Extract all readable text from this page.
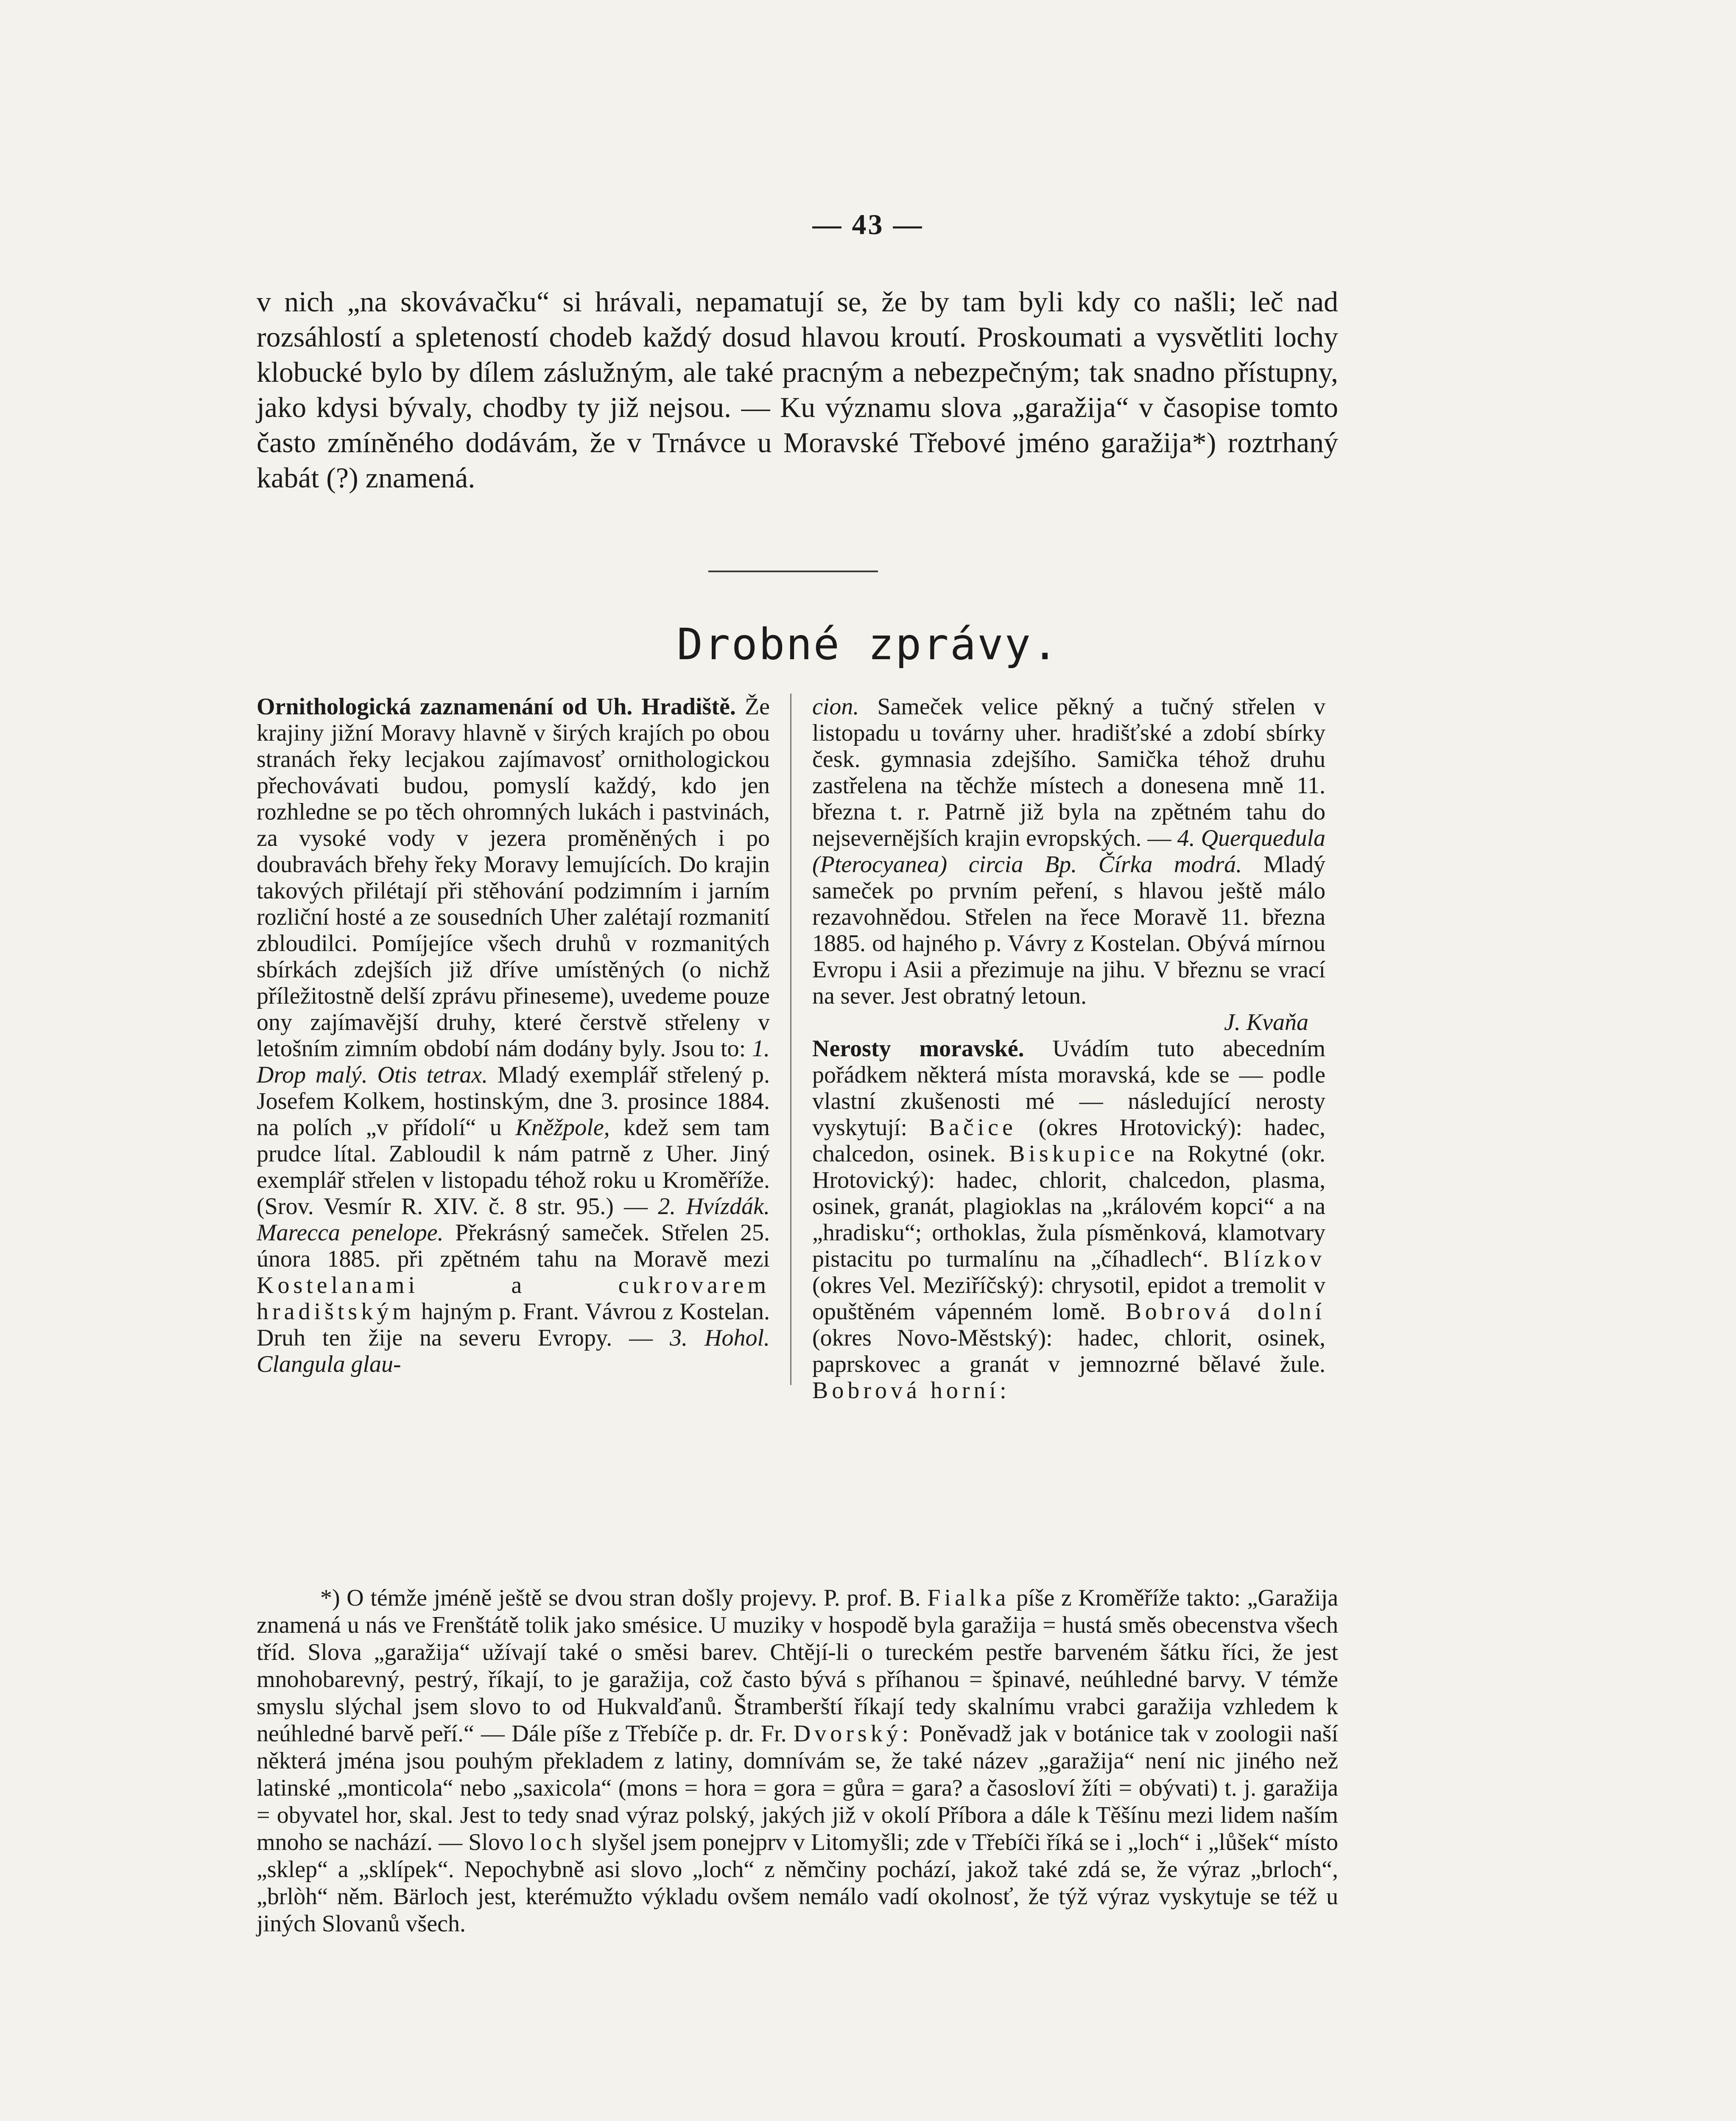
— 43 —

v nich „na skovávačku“ si hrávali, nepamatují se, že by tam byli kdy co našli; leč nad rozsáhlostí a spleteností chodeb každý dosud hlavou kroutí. Proskoumati a vysvětliti lochy klobucké bylo by dílem záslužným, ale také pracným a nebezpečným; tak snadno přístupny, jako kdysi bývaly, chodby ty již nejsou. — Ku významu slova „garažija“ v časopise tomto často zmíněného dodávám, že v Trnávce u Moravské Třebové jméno garažija*) roztrhaný kabát (?) znamená.

Drobné zprávy.

Ornithologická zaznamenání od Uh. Hradiště. Že krajiny jižní Moravy hlavně v širých krajích po obou stranách řeky lecjakou zajímavosť ornithologickou přechovávati budou, pomyslí každý, kdo jen rozhledne se po těch ohromných lukách i pastvinách, za vysoké vody v jezera proměněných i po doubravách břehy řeky Moravy lemujících. Do krajin takových přilétají při stěhování podzimním i jarním rozliční hosté a ze sousedních Uher zalétají rozmanití zbloudilci. Pomíjejíce všech druhů v rozmanitých sbírkách zdejších již dříve umístěných (o nichž příležitostně delší zprávu přineseme), uvedeme pouze ony zajímavější druhy, které čerstvě střeleny v letošním zimním období nám dodány byly. Jsou to: 1. Drop malý. Otis tetrax. Mladý exemplář střelený p. Josefem Kolkem, hostinským, dne 3. prosince 1884. na polích „v přídolí“ u Kněžpole, kdež sem tam prudce lítal. Zabloudil k nám patrně z Uher. Jiný exemplář střelen v listopadu téhož roku u Kroměříže. (Srov. Vesmír R. XIV. č. 8 str. 95.) — 2. Hvízdák. Marecca penelope. Překrásný sameček. Střelen 25. února 1885. při zpětném tahu na Moravě mezi Kostelanami a cukrovarem hradištským hajným p. Frant. Vávrou z Kostelan. Druh ten žije na severu Evropy. — 3. Hohol. Clangula glau-

cion. Sameček velice pěkný a tučný střelen v listopadu u továrny uher. hradišťské a zdobí sbírky česk. gymnasia zdejšího. Samička téhož druhu zastřelena na těchže místech a donesena mně 11. března t. r. Patrně již byla na zpětném tahu do nejsevernějších krajin evropských. — 4. Querquedula (Pterocyanea) circia Bp. Čírka modrá. Mladý sameček po prvním peření, s hlavou ještě málo rezavohnědou. Střelen na řece Moravě 11. března 1885. od hajného p. Vávry z Kostelan. Obývá mírnou Evropu i Asii a přezimuje na jihu. V březnu se vrací na sever. Jest obratný letoun.
J. Kvaňa

Nerosty moravské. Uvádím tuto abecedním pořádkem některá místa moravská, kde se — podle vlastní zkušenosti mé — následující nerosty vyskytují: Bačice (okres Hrotovický): hadec, chalcedon, osinek. Biskupice na Rokytné (okr. Hrotovický): hadec, chlorit, chalcedon, plasma, osinek, granát, plagioklas na „královém kopci“ a na „hradisku“; orthoklas, žula písměnková, klamotvary pistacitu po turmalínu na „číhadlech“. Blízkov (okres Vel. Meziříčský): chrysotil, epidot a tremolit v opuštěném vápenném lomě. Bobrová dolní (okres Novo-Městský): hadec, chlorit, osinek, paprskovec a granát v jemnozrné bělavé žule. Bobrová horní:

*) O témže jméně ještě se dvou stran došly projevy. P. prof. B. Fialka píše z Kroměříže takto: „Garažija znamená u nás ve Frenštátě tolik jako smésice. U muziky v hospodě byla garažija = hustá směs obecenstva všech tříd. Slova „garažija“ užívají také o směsi barev. Chtějí-li o tureckém pestře barveném šátku říci, že jest mnohobarevný, pestrý, říkají, to je garažija, což často bývá s příhanou = špinavé, neúhledné barvy. V témže smyslu slýchal jsem slovo to od Hukvalďanů. Štramberští říkají tedy skalnímu vrabci garažija vzhledem k neúhledné barvě peří.“ — Dále píše z Třebíče p. dr. Fr. Dvorský: Poněvadž jak v botánice tak v zoologii naší některá jména jsou pouhým překladem z latiny, domnívám se, že také název „garažija“ není nic jiného než latinské „monticola“ nebo „saxicola“ (mons = hora = gora = gůra = gara? a časosloví žíti = obývati) t. j. garažija = obyvatel hor, skal. Jest to tedy snad výraz polský, jakých již v okolí Příbora a dále k Těšínu mezi lidem naším mnoho se nachází. — Slovo loch slyšel jsem ponejprv v Litomyšli; zde v Třebíči říká se i „loch“ i „lůšek“ místo „sklep“ a „sklípek“. Nepochybně asi slovo „loch“ z němčiny pochází, jakož také zdá se, že výraz „brloch“, „brlòh“ něm. Bärloch jest, kterémužto výkladu ovšem nemálo vadí okolnosť, že týž výraz vyskytuje se též u jiných Slovanů všech.
